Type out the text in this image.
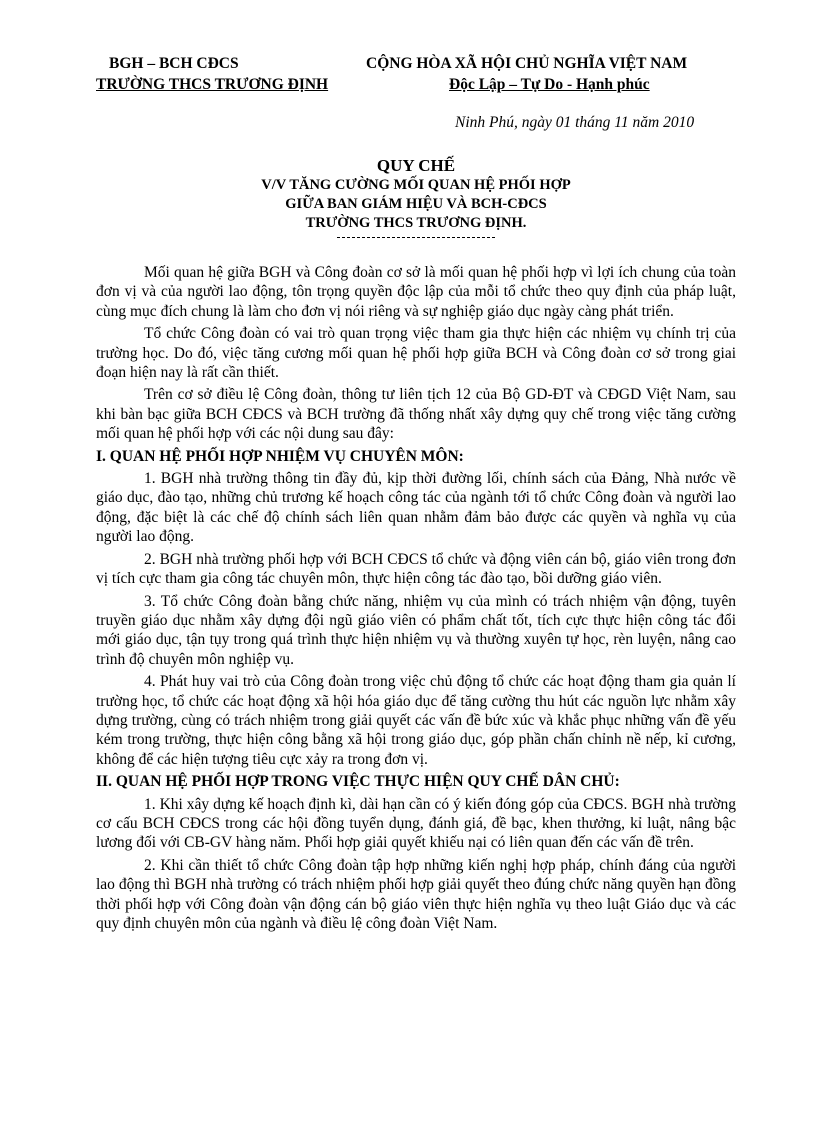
BGH – BCH CĐCS
TRƯỜNG THCS TRƯƠNG ĐỊNH
CỘNG HÒA XÃ HỘI CHỦ NGHĨA VIỆT NAM
Độc Lập – Tự Do - Hạnh phúc
Ninh Phú, ngày 01 tháng 11 năm 2010
QUY CHẾ
V/V TĂNG CƯỜNG MỐI QUAN HỆ PHỐI HỢP
GIỮA BAN GIÁM HIỆU VÀ BCH-CĐCS
TRƯỜNG THCS TRƯƠNG ĐỊNH.

Mối quan hệ giữa BGH và Công đoàn cơ sở là mối quan hệ phối hợp vì lợi ích chung của toàn đơn vị và của người lao động, tôn trọng quyền độc lập của mỗi tổ chức theo quy định của pháp luật, cùng mục đích chung là làm cho đơn vị nói riêng và sự nghiệp giáo dục ngày càng phát triển.

Tổ chức Công đoàn có vai trò quan trọng việc tham gia thực hiện các nhiệm vụ chính trị của trường học. Do đó, việc tăng cương mối quan hệ phối hợp giữa BCH và Công đoàn cơ sở trong giai đoạn hiện nay là rất cần thiết.

Trên cơ sở điều lệ Công đoàn, thông tư liên tịch 12 của Bộ GD-ĐT và CĐGD Việt Nam, sau khi bàn bạc giữa BCH CĐCS và BCH trường đã thống nhất xây dựng quy chế trong việc tăng cường mối quan hệ phối hợp với các nội dung sau đây:

I. QUAN HỆ PHỐI HỢP NHIỆM VỤ CHUYÊN MÔN:

1. BGH nhà trường thông tin đầy đủ, kịp thời đường lối, chính sách của Đảng, Nhà nước về giáo dục, đào tạo, những chủ trương kế hoạch công tác của ngành tới tổ chức Công đoàn và người lao động, đặc biệt là các chế độ chính sách liên quan nhằm đảm bảo được các quyền và nghĩa vụ của người lao động.

2. BGH nhà trường phối hợp với BCH CĐCS tổ chức và động viên cán bộ, giáo viên trong đơn vị tích cực tham gia công tác chuyên môn, thực hiện công tác đào tạo, bồi dưỡng giáo viên.

3. Tổ chức Công đoàn bằng chức năng, nhiệm vụ của mình có trách nhiệm vận động, tuyên truyền giáo dục nhằm xây dựng đội ngũ giáo viên có phẩm chất tốt, tích cực thực hiện công tác đổi mới giáo dục, tận tụy trong quá trình thực hiện nhiệm vụ và thường xuyên tự học, rèn luyện, nâng cao trình độ chuyên môn nghiệp vụ.

4. Phát huy vai trò của Công đoàn trong việc chủ động tổ chức các hoạt động tham gia quản lí trường học, tổ chức các hoạt động xã hội hóa giáo dục để tăng cường thu hút các nguồn lực nhằm xây dựng trường, cùng có trách nhiệm trong giải quyết các vấn đề bức xúc và khắc phục những vấn đề yếu kém trong trường, thực hiện công bằng xã hội trong giáo dục, góp phần chấn chỉnh nề nếp, kỉ cương, không để các hiện tượng tiêu cực xảy ra trong đơn vị.

II. QUAN HỆ PHỐI HỢP TRONG VIỆC THỰC HIỆN QUY CHẾ DÂN CHỦ:

1. Khi xây dựng kế hoạch định kì, dài hạn cần có ý kiến đóng góp của CĐCS. BGH nhà trường cơ cấu BCH CĐCS trong các hội đồng tuyển dụng, đánh giá, đề bạc, khen thưởng, kỉ luật, nâng bậc lương đối với CB-GV hàng năm. Phối hợp giải quyết khiếu nại có liên quan đến các vấn đề trên.

2. Khi cần thiết tổ chức Công đoàn tập hợp những kiến nghị hợp pháp, chính đáng của người lao động thì BGH nhà trường có trách nhiệm phối hợp giải quyết theo đúng chức năng quyền hạn đồng thời phối hợp với Công đoàn vận động cán bộ giáo viên thực hiện nghĩa vụ theo luật Giáo dục và các quy định chuyên môn của ngành và điều lệ công đoàn Việt Nam.
